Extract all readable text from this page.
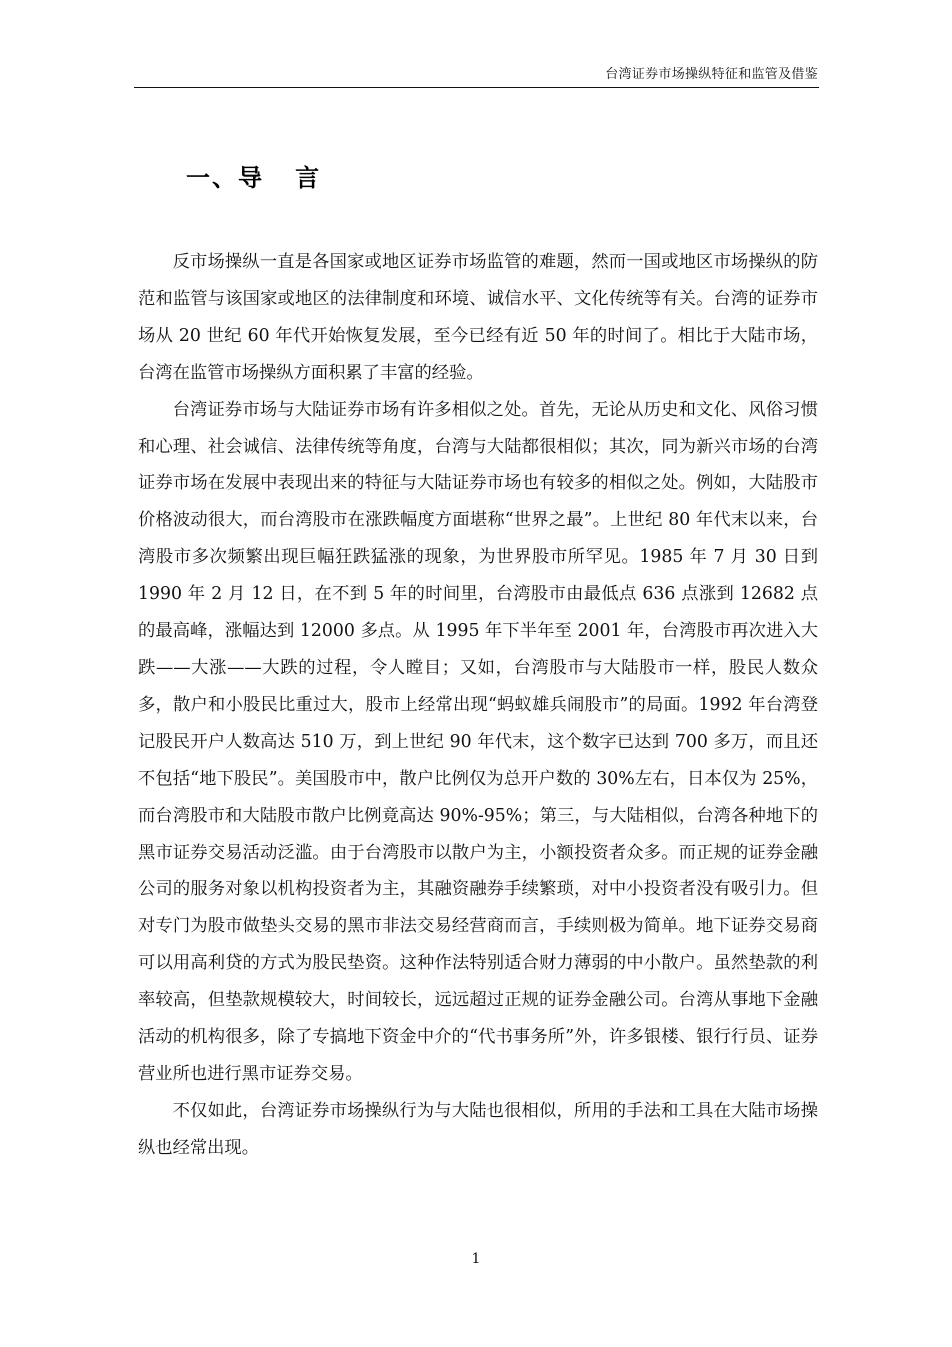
台湾证券市场操纵特征和监管及借鉴
一、导   言

反市场操纵一直是各国家或地区证券市场监管的难题，然而一国或地区市场操纵的防范和监管与该国家或地区的法律制度和环境、诚信水平、文化传统等有关。台湾的证券市场从 20 世纪 60 年代开始恢复发展，至今已经有近 50 年的时间了。相比于大陆市场，台湾在监管市场操纵方面积累了丰富的经验。

台湾证券市场与大陆证券市场有许多相似之处。首先，无论从历史和文化、风俗习惯和心理、社会诚信、法律传统等角度，台湾与大陆都很相似；其次，同为新兴市场的台湾证券市场在发展中表现出来的特征与大陆证券市场也有较多的相似之处。例如，大陆股市价格波动很大，而台湾股市在涨跌幅度方面堪称“世界之最”。上世纪 80 年代末以来，台湾股市多次频繁出现巨幅狂跌猛涨的现象，为世界股市所罕见。1985 年 7 月 30 日到 1990 年 2 月 12 日，在不到 5 年的时间里，台湾股市由最低点 636 点涨到 12682 点的最高峰，涨幅达到 12000 多点。从 1995 年下半年至 2001 年，台湾股市再次进入大跌——大涨——大跌的过程，令人瞠目；又如，台湾股市与大陆股市一样，股民人数众多，散户和小股民比重过大，股市上经常出现“蚂蚁雄兵闹股市”的局面。1992 年台湾登记股民开户人数高达 510 万，到上世纪 90 年代末，这个数字已达到 700 多万，而且还不包括“地下股民”。美国股市中，散户比例仅为总开户数的 30%左右，日本仅为 25%，而台湾股市和大陆股市散户比例竟高达 90%-95%；第三，与大陆相似，台湾各种地下的黑市证券交易活动泛滥。由于台湾股市以散户为主，小额投资者众多。而正规的证券金融公司的服务对象以机构投资者为主，其融资融券手续繁琐，对中小投资者没有吸引力。但对专门为股市做垫头交易的黑市非法交易经营商而言，手续则极为简单。地下证券交易商可以用高利贷的方式为股民垫资。这种作法特别适合财力薄弱的中小散户。虽然垫款的利率较高，但垫款规模较大，时间较长，远远超过正规的证券金融公司。台湾从事地下金融活动的机构很多，除了专搞地下资金中介的“代书事务所”外，许多银楼、银行行员、证券营业所也进行黑市证券交易。

不仅如此，台湾证券市场操纵行为与大陆也很相似，所用的手法和工具在大陆市场操纵也经常出现。

1
